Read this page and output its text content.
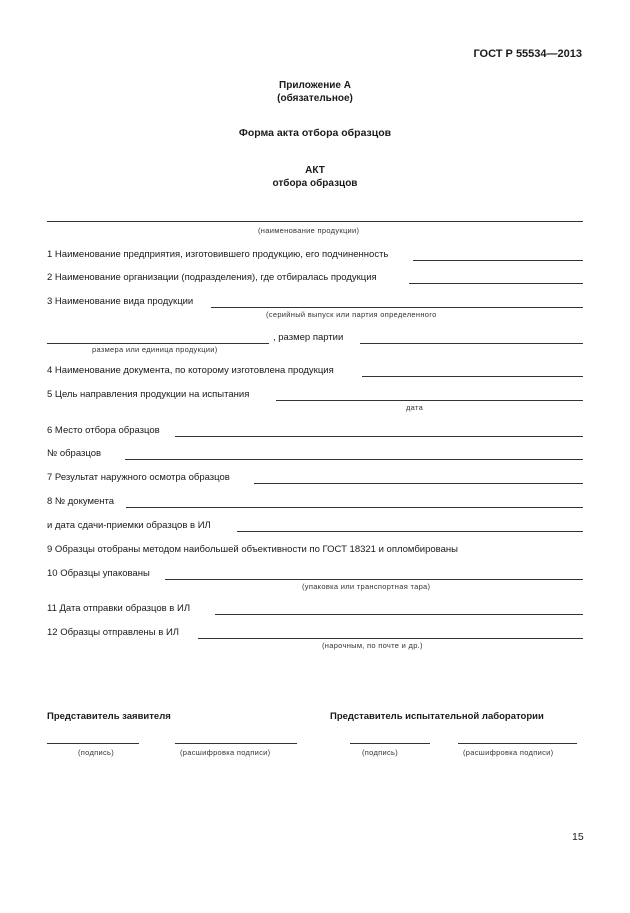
ГОСТ Р 55534—2013
Приложение А
(обязательное)
Форма акта отбора образцов
АКТ
отбора образцов
(наименование продукции)
1 Наименование предприятия, изготовившего продукцию, его подчиненность
2 Наименование организации (подразделения), где отбиралась продукция
3 Наименование вида продукции
(серийный выпуск или партия определенного
, размер партии
размера или единица продукции)
4 Наименование документа, по которому изготовлена продукция
5 Цель направления продукции на испытания
дата
6 Место отбора образцов
№ образцов
7 Результат наружного осмотра образцов
8 № документа
и дата сдачи-приемки образцов в ИЛ
9 Образцы отобраны методом наибольшей объективности по ГОСТ 18321 и опломбированы
10 Образцы упакованы
(упаковка или транспортная тара)
11 Дата отправки образцов в ИЛ
12 Образцы отправлены в ИЛ
(нарочным, по почте и др.)
Представитель заявителя	Представитель испытательной лаборатории
(подпись)	(расшифровка подписи)	(подпись)	(расшифровка подписи)
15
